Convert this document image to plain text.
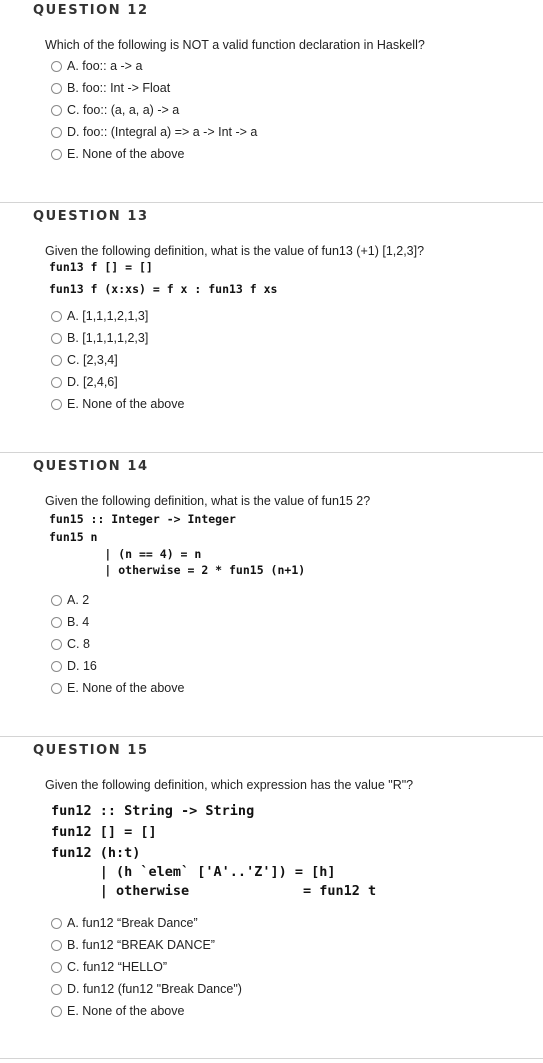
QUESTION 12
Which of the following is NOT a valid function declaration in Haskell?
A. foo:: a -> a
B. foo:: Int -> Float
C. foo:: (a, a, a) -> a
D. foo:: (Integral a) => a -> Int -> a
E. None of the above
QUESTION 13
Given the following definition, what is the value of fun13 (+1) [1,2,3]?
fun13 f [] = []
fun13 f (x:xs) = f x : fun13 f xs
A. [1,1,1,2,1,3]
B. [1,1,1,1,2,3]
C. [2,3,4]
D. [2,4,6]
E. None of the above
QUESTION 14
Given the following definition, what is the value of fun15 2?
fun15 :: Integer -> Integer
fun15 n
| (n == 4) = n
| otherwise = 2 * fun15 (n+1)
A. 2
B. 4
C. 8
D. 16
E. None of the above
QUESTION 15
Given the following definition, which expression has the value "R"?
fun12 :: String -> String
fun12 [] = []
fun12 (h:t)
| (h `elem` ['A'..'Z']) = [h]
| otherwise              = fun12 t
A. fun12 “Break Dance”
B. fun12 “BREAK DANCE”
C. fun12 “HELLO”
D. fun12 (fun12 "Break Dance")
E. None of the above
